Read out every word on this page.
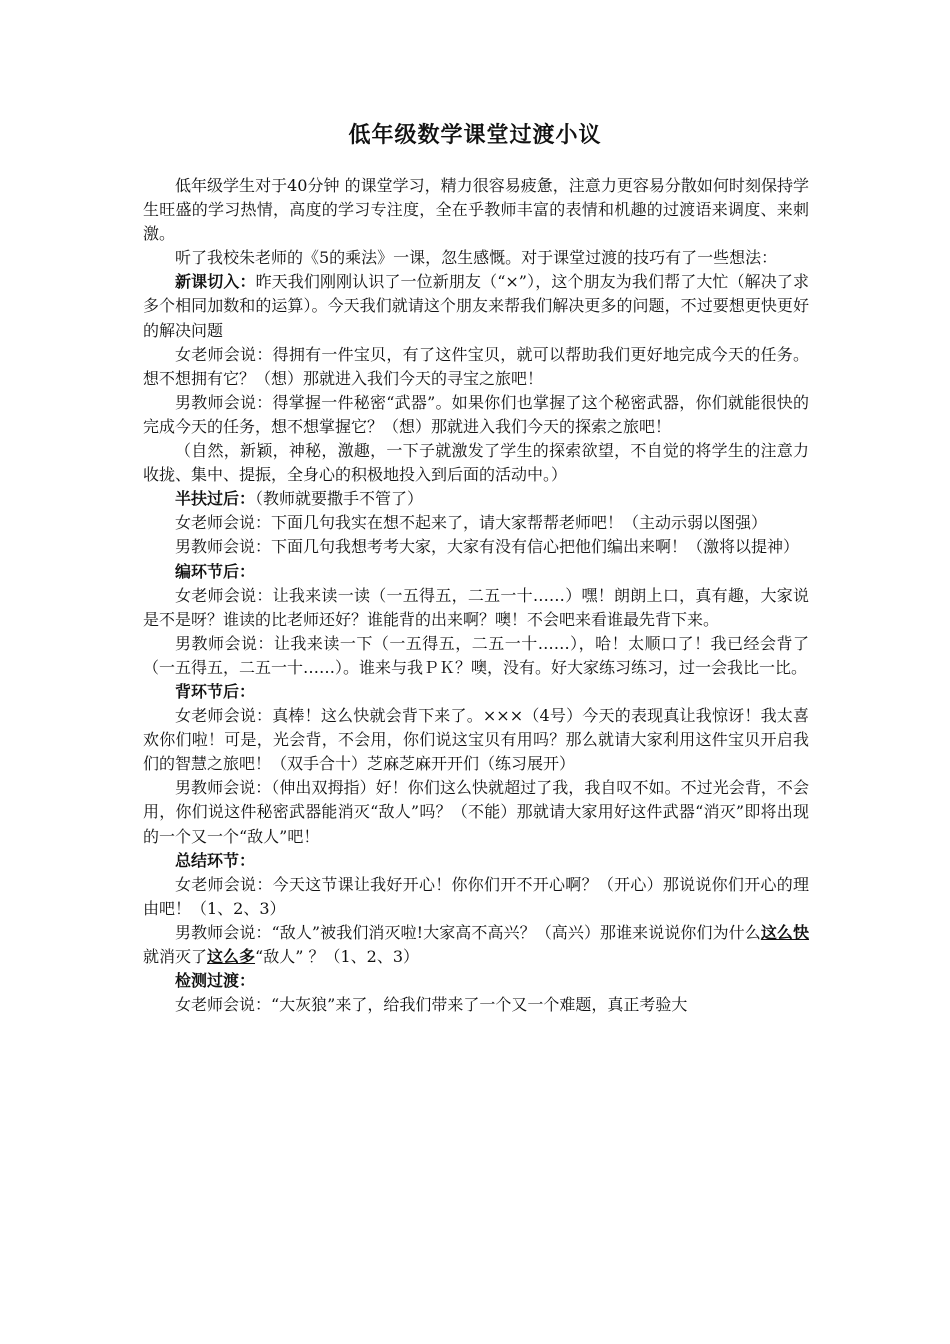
低年级数学课堂过渡小议

低年级学生对于40分钟 的课堂学习，精力很容易疲惫，注意力更容易分散如何时刻保持学生旺盛的学习热情，高度的学习专注度，全在乎教师丰富的表情和机趣的过渡语来调度、来刺激。

听了我校朱老师的《5的乘法》一课，忽生感慨。对于课堂过渡的技巧有了一些想法：

新课切入：昨天我们刚刚认识了一位新朋友（“×”），这个朋友为我们帮了大忙（解决了求多个相同加数和的运算）。今天我们就请这个朋友来帮我们解决更多的问题，不过要想更快更好的解决问题

女老师会说：得拥有一件宝贝，有了这件宝贝，就可以帮助我们更好地完成今天的任务。想不想拥有它？（想）那就进入我们今天的寻宝之旅吧！

男教师会说：得掌握一件秘密“武器”。如果你们也掌握了这个秘密武器，你们就能很快的完成今天的任务，想不想掌握它？（想）那就进入我们今天的探索之旅吧！

（自然，新颖，神秘，激趣，一下子就激发了学生的探索欲望，不自觉的将学生的注意力收拢、集中、提振，全身心的积极地投入到后面的活动中。）

半扶过后：（教师就要撒手不管了）

女老师会说：下面几句我实在想不起来了，请大家帮帮老师吧！（主动示弱以图强）

男教师会说：下面几句我想考考大家，大家有没有信心把他们编出来啊！（激将以提神）

编环节后：

女老师会说：让我来读一读（一五得五，二五一十……）嘿！朗朗上口，真有趣，大家说是不是呀？谁读的比老师还好？谁能背的出来啊？噢！不会吧来看谁最先背下来。

男教师会说：让我来读一下（一五得五，二五一十……），哈！太顺口了！我已经会背了（一五得五，二五一十……）。谁来与我ＰＫ？噢，没有。好大家练习练习，过一会我比一比。

背环节后：

女老师会说：真棒！这么快就会背下来了。×××（4号）今天的表现真让我惊讶！我太喜欢你们啦！可是，光会背，不会用，你们说这宝贝有用吗？那么就请大家利用这件宝贝开启我们的智慧之旅吧！（双手合十）芝麻芝麻开开们（练习展开）

男教师会说：（伸出双拇指）好！你们这么快就超过了我，我自叹不如。不过光会背，不会用，你们说这件秘密武器能消灭“敌人”吗？（不能）那就请大家用好这件武器“消灭”即将出现的一个又一个“敌人”吧！

总结环节：

女老师会说：今天这节课让我好开心！你你们开不开心啊？（开心）那说说你们开心的理由吧！（1、2、3）

男教师会说：“敌人”被我们消灭啦!大家高不高兴？（高兴）那谁来说说你们为什么这么快就消灭了这么多“敌人” ？（1、2、3）

检测过渡：

女老师会说：“大灰狼”来了，给我们带来了一个又一个难题，真正考验大
